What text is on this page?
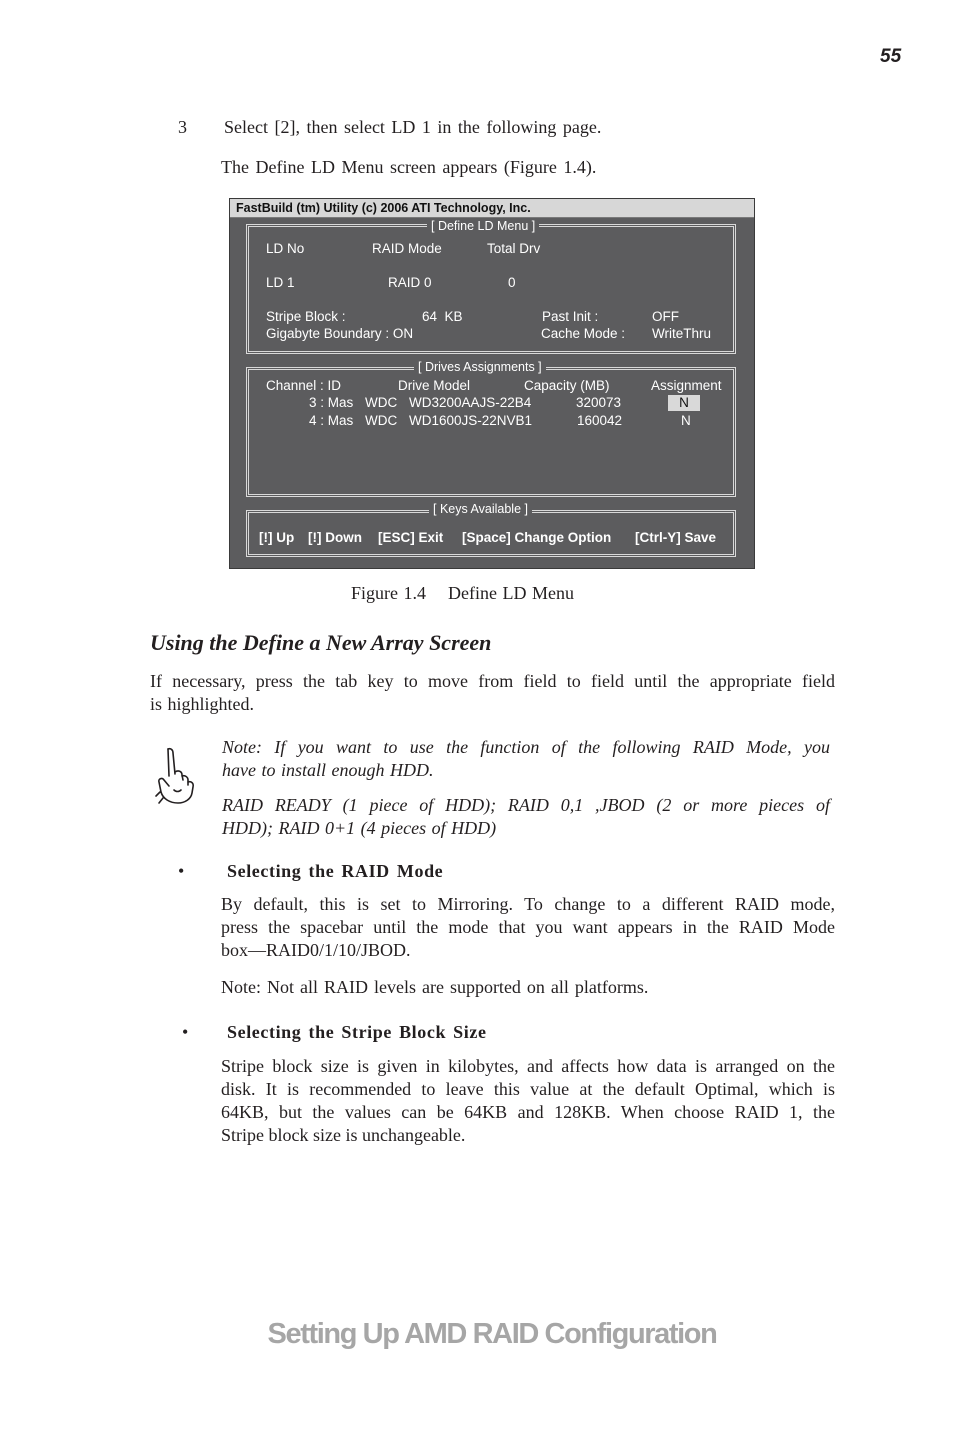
55
3 Select [2], then select LD 1 in the following page.
The Define LD Menu screen appears (Figure 1.4).
FastBuild (tm) Utility (c) 2006 ATI Technology, Inc.
[ Define LD Menu ]
LD No	RAID Mode	Total Drv
LD 1	RAID 0	0
Stripe Block :	64  KB	Past Init :	OFF
Gigabyte Boundary : ON	Cache Mode : WriteThru
[ Drives Assignments ]
Channel : ID	Drive Model	Capacity (MB)	Assignment
3 : Mas WDC WD3200AAJS-22B4	320073	N
4 : Mas WDC WD1600JS-22NVB1	160042	N
[ Keys Available ]
[!] Up [!] Down [ESC] Exit [Space] Change Option [Ctrl-Y] Save
Figure 1.4    Define LD Menu
Using the Define a New Array Screen
If necessary, press the tab key to move from field to field until the appropriate field
is highlighted.
Note: If you want to use the function of the following RAID Mode, you
have to install enough HDD.
RAID READY (1 piece of HDD); RAID 0,1 ,JBOD (2 or more pieces of
HDD); RAID 0+1 (4 pieces of HDD)
• Selecting the RAID Mode
By default, this is set to Mirroring. To change to a different RAID mode,
press the spacebar until the mode that you want appears in the RAID Mode
box—RAID0/1/10/JBOD.
Note: Not all RAID levels are supported on all platforms.
• Selecting the Stripe Block Size
Stripe block size is given in kilobytes, and affects how data is arranged on the
disk. It is recommended to leave this value at the default Optimal, which is
64KB, but the values can be 64KB and 128KB. When choose RAID 1, the
Stripe block size is unchangeable.
Setting Up AMD RAID Configuration
